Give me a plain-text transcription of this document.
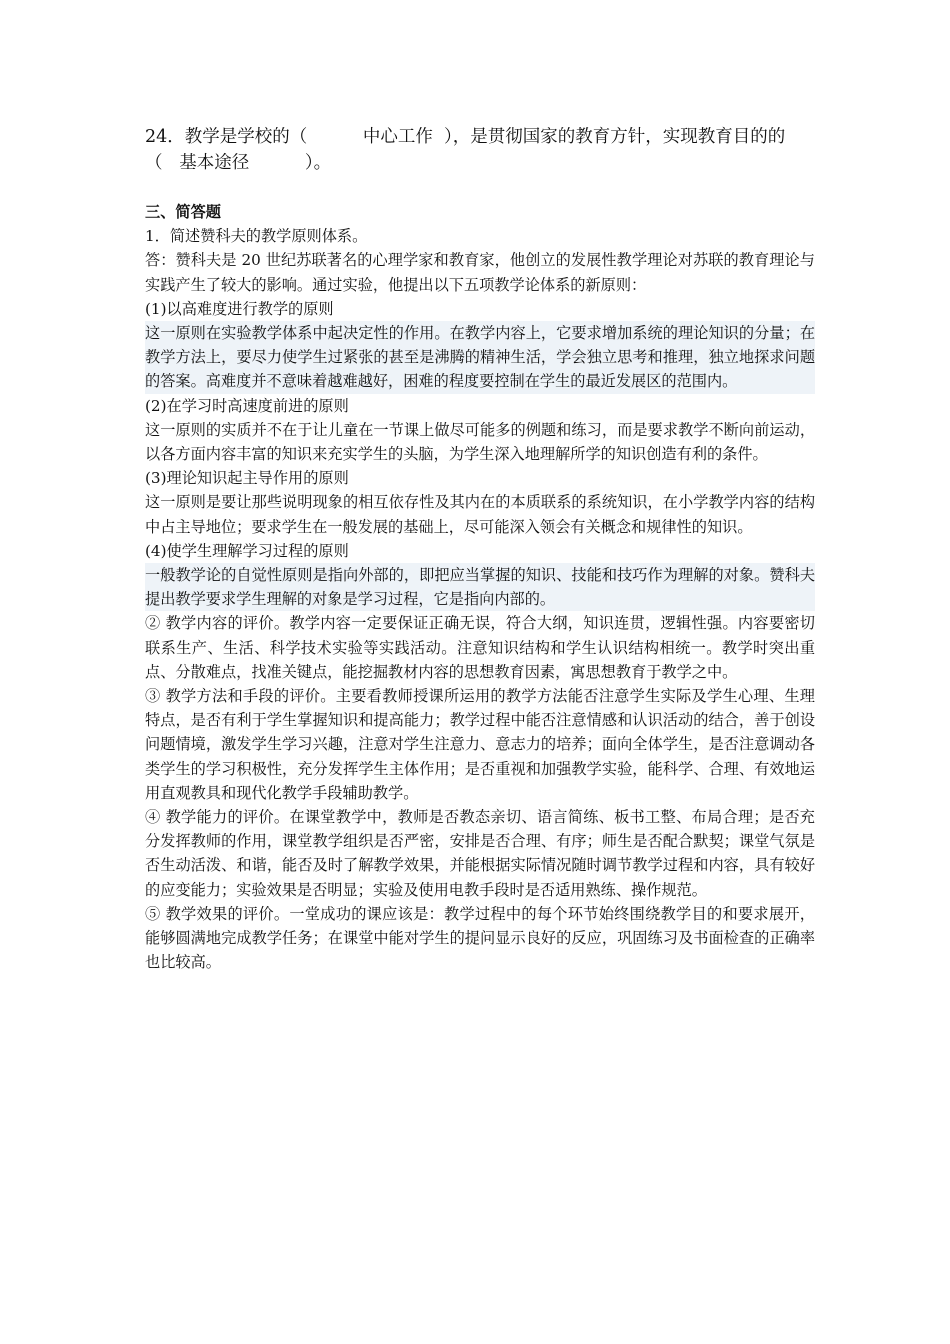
24．教学是学校的（          中心工作  ），是贯彻国家的教育方针，实现教育目的的

（   基本途径          ）。

三、简答题

1．简述赞科夫的教学原则体系。

答：赞科夫是 20 世纪苏联著名的心理学家和教育家，他创立的发展性教学理论对苏联的教育理论与实践产生了较大的影响。通过实验，他提出以下五项教学论体系的新原则：

(1)以高难度进行教学的原则

这一原则在实验教学体系中起决定性的作用。在教学内容上，它要求增加系统的理论知识的分量；在教学方法上，要尽力使学生过紧张的甚至是沸腾的精神生活，学会独立思考和推理，独立地探求问题的答案。高难度并不意味着越难越好，困难的程度要控制在学生的最近发展区的范围内。

(2)在学习时高速度前进的原则

这一原则的实质并不在于让儿童在一节课上做尽可能多的例题和练习，而是要求教学不断向前运动，以各方面内容丰富的知识来充实学生的头脑，为学生深入地理解所学的知识创造有利的条件。

(3)理论知识起主导作用的原则

这一原则是要让那些说明现象的相互依存性及其内在的本质联系的系统知识，在小学教学内容的结构中占主导地位；要求学生在一般发展的基础上，尽可能深入领会有关概念和规律性的知识。

(4)使学生理解学习过程的原则

一般教学论的自觉性原则是指向外部的，即把应当掌握的知识、技能和技巧作为理解的对象。赞科夫提出教学要求学生理解的对象是学习过程，它是指向内部的。

② 教学内容的评价。教学内容一定要保证正确无误，符合大纲，知识连贯，逻辑性强。内容要密切联系生产、生活、科学技术实验等实践活动。注意知识结构和学生认识结构相统一。教学时突出重点、分散难点，找准关键点，能挖掘教材内容的思想教育因素，寓思想教育于教学之中。

③ 教学方法和手段的评价。主要看教师授课所运用的教学方法能否注意学生实际及学生心理、生理特点，是否有利于学生掌握知识和提高能力；教学过程中能否注意情感和认识活动的结合，善于创设问题情境，激发学生学习兴趣，注意对学生注意力、意志力的培养；面向全体学生，是否注意调动各类学生的学习积极性，充分发挥学生主体作用；是否重视和加强教学实验，能科学、合理、有效地运用直观教具和现代化教学手段辅助教学。

④ 教学能力的评价。在课堂教学中，教师是否教态亲切、语言简练、板书工整、布局合理；是否充分发挥教师的作用，课堂教学组织是否严密，安排是否合理、有序；师生是否配合默契；课堂气氛是否生动活泼、和谐，能否及时了解教学效果，并能根据实际情况随时调节教学过程和内容，具有较好的应变能力；实验效果是否明显；实验及使用电教手段时是否适用熟练、操作规范。

⑤ 教学效果的评价。一堂成功的课应该是：教学过程中的每个环节始终围绕教学目的和要求展开，能够圆满地完成教学任务；在课堂中能对学生的提问显示良好的反应，巩固练习及书面检查的正确率也比较高。
